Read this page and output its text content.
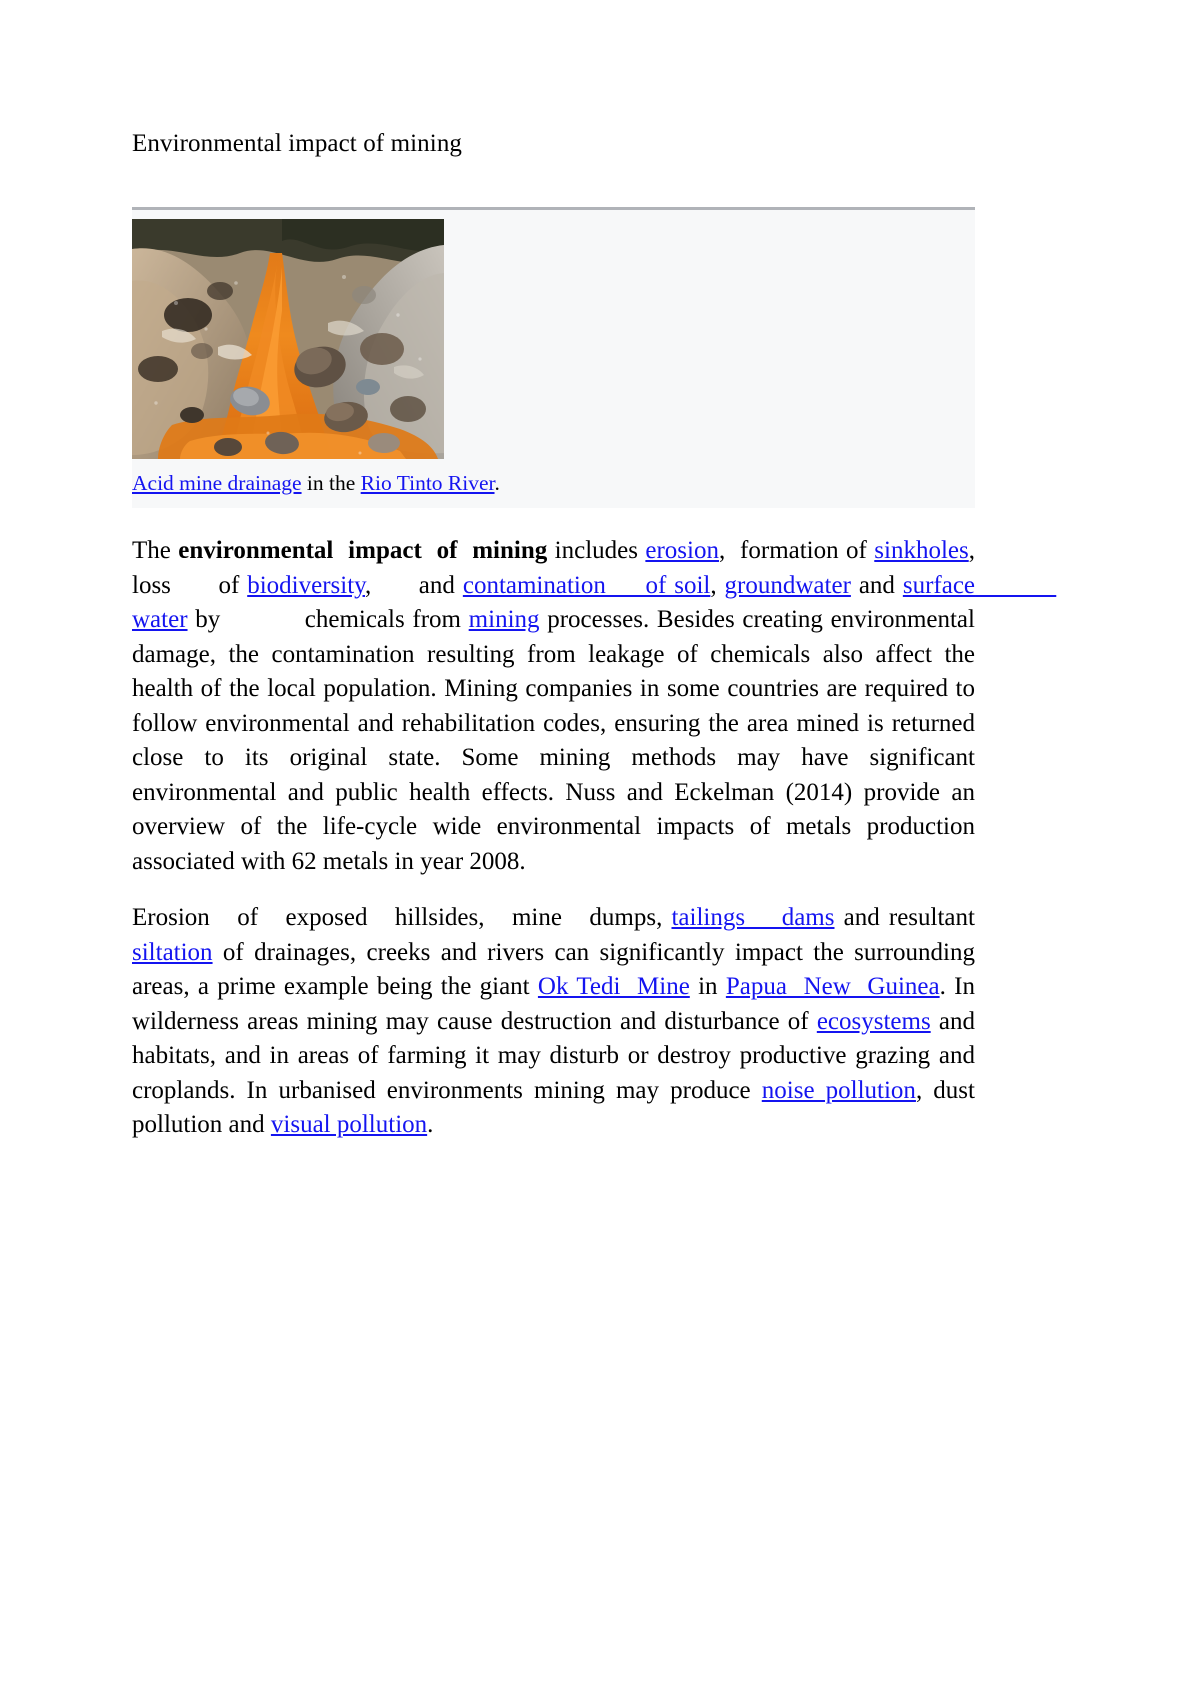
Environmental impact of mining
Acid mine drainage in the Rio Tinto River.

The environmental  impact  of  mining includes erosion,  formation of sinkholes,      loss      of biodiversity,      and contamination     of soil, groundwater and surface             water by           chemicals from mining processes. Besides creating environmental damage, the contamination resulting from leakage of chemicals also affect the health of the local population. Mining companies in some countries are required to follow environmental and rehabilitation codes, ensuring the area mined is returned close to its original state. Some mining methods may have significant environmental and public health effects. Nuss and Eckelman (2014) provide an overview of the life-cycle wide environmental impacts of metals production associated with 62 metals in year 2008.

Erosion   of   exposed   hillsides,   mine   dumps, tailings    dams and resultant siltation of drainages, creeks and rivers can significantly impact the surrounding areas, a prime example being the giant Ok Tedi  Mine in Papua  New  Guinea. In wilderness areas mining may cause destruction and disturbance of ecosystems and habitats, and in areas of farming it may disturb or destroy productive grazing and croplands. In urbanised environments mining may produce noise pollution, dust pollution and visual pollution.
